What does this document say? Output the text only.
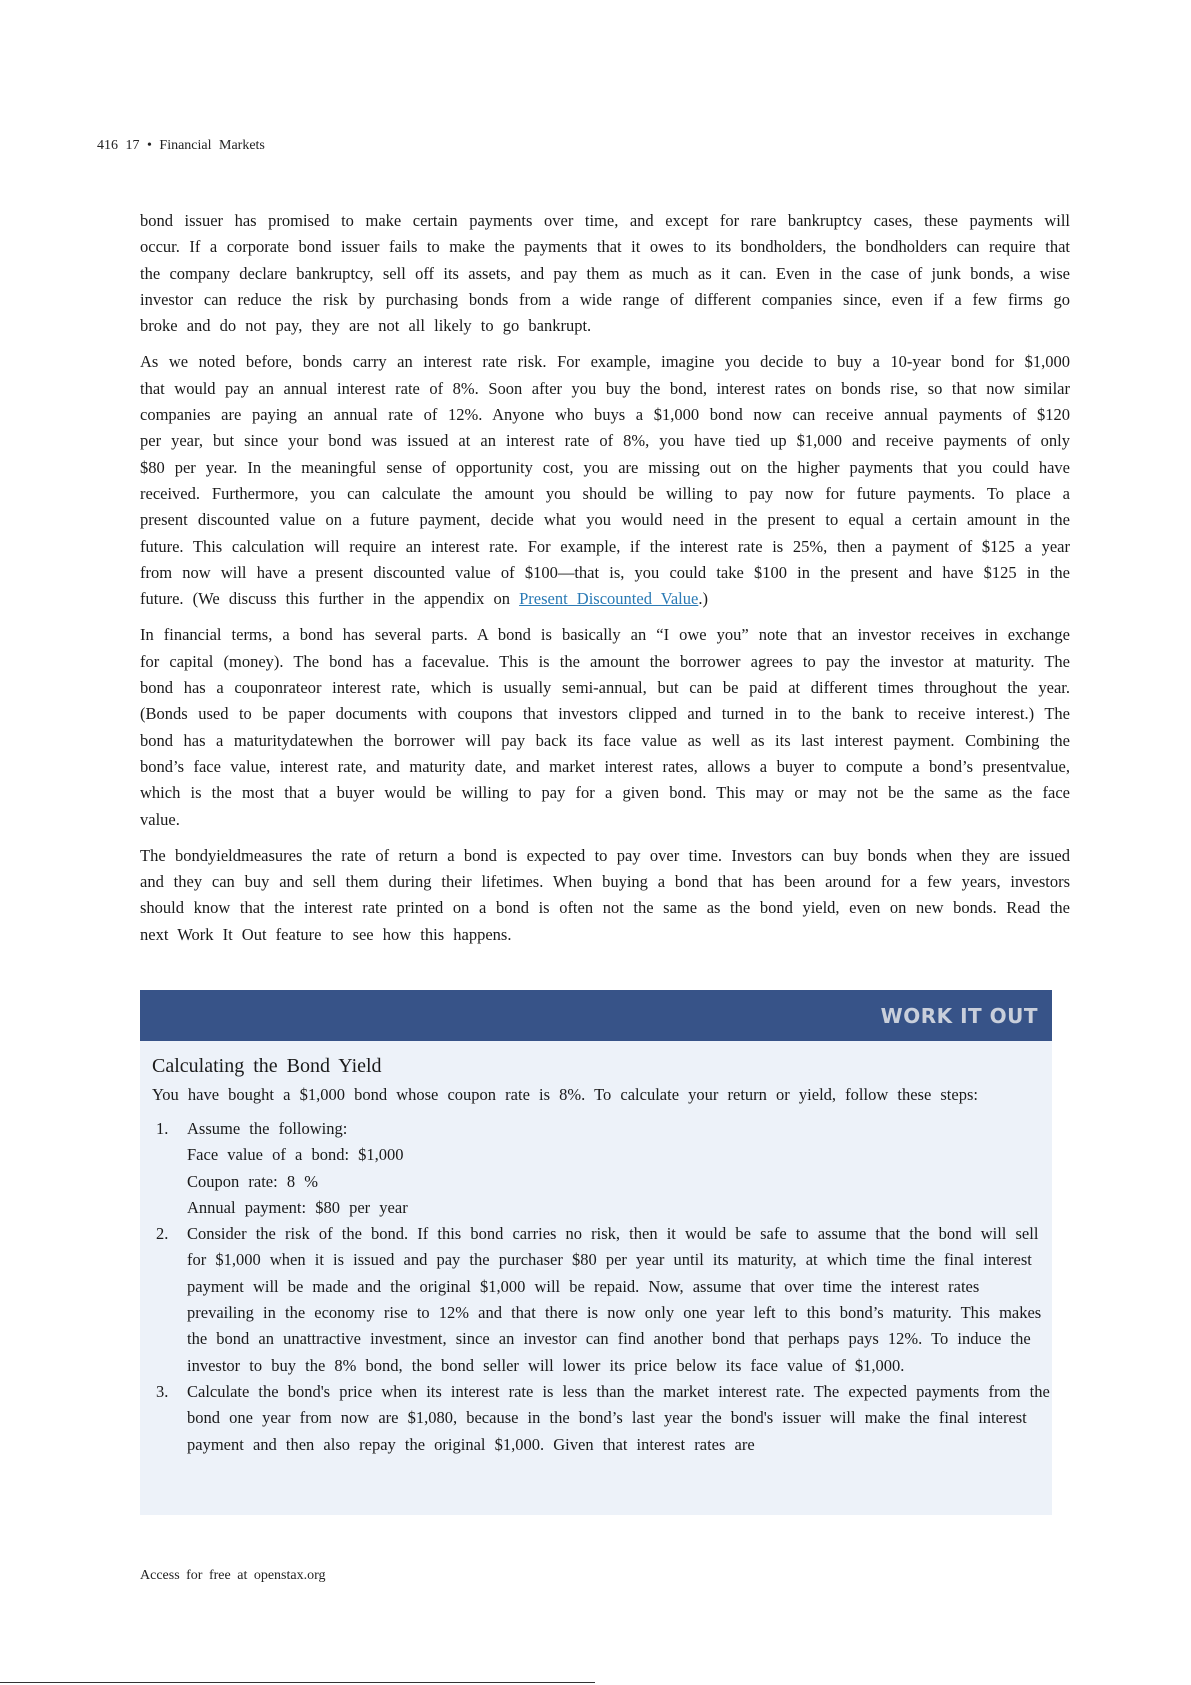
416 17 • Financial Markets

bond issuer has promised to make certain payments over time, and except for rare bankruptcy cases, these payments will occur. If a corporate bond issuer fails to make the payments that it owes to its bondholders, the bondholders can require that the company declare bankruptcy, sell off its assets, and pay them as much as it can. Even in the case of junk bonds, a wise investor can reduce the risk by purchasing bonds from a wide range of different companies since, even if a few firms go broke and do not pay, they are not all likely to go bankrupt.

As we noted before, bonds carry an interest rate risk. For example, imagine you decide to buy a 10-year bond for $1,000 that would pay an annual interest rate of 8%. Soon after you buy the bond, interest rates on bonds rise, so that now similar companies are paying an annual rate of 12%. Anyone who buys a $1,000 bond now can receive annual payments of $120 per year, but since your bond was issued at an interest rate of 8%, you have tied up $1,000 and receive payments of only $80 per year. In the meaningful sense of opportunity cost, you are missing out on the higher payments that you could have received. Furthermore, you can calculate the amount you should be willing to pay now for future payments. To place a present discounted value on a future payment, decide what you would need in the present to equal a certain amount in the future. This calculation will require an interest rate. For example, if the interest rate is 25%, then a payment of $125 a year from now will have a present discounted value of $100—that is, you could take $100 in the present and have $125 in the future. (We discuss this further in the appendix on Present Discounted Value.)

In financial terms, a bond has several parts. A bond is basically an “I owe you” note that an investor receives in exchange for capital (money). The bond has a facevalue. This is the amount the borrower agrees to pay the investor at maturity. The bond has a couponrateor interest rate, which is usually semi-annual, but can be paid at different times throughout the year. (Bonds used to be paper documents with coupons that investors clipped and turned in to the bank to receive interest.) The bond has a maturitydatewhen the borrower will pay back its face value as well as its last interest payment. Combining the bond’s face value, interest rate, and maturity date, and market interest rates, allows a buyer to compute a bond’s presentvalue, which is the most that a buyer would be willing to pay for a given bond. This may or may not be the same as the face value.

The bondyieldmeasures the rate of return a bond is expected to pay over time. Investors can buy bonds when they are issued and they can buy and sell them during their lifetimes. When buying a bond that has been around for a few years, investors should know that the interest rate printed on a bond is often not the same as the bond yield, even on new bonds. Read the next Work It Out feature to see how this happens.

WORK IT OUT
Calculating the Bond Yield

You have bought a $1,000 bond whose coupon rate is 8%. To calculate your return or yield, follow these steps:

1. Assume the following:
Face value of a bond: $1,000
Coupon rate: 8 %
Annual payment: $80 per year
2. Consider the risk of the bond. If this bond carries no risk, then it would be safe to assume that the bond will sell for $1,000 when it is issued and pay the purchaser $80 per year until its maturity, at which time the final interest payment will be made and the original $1,000 will be repaid. Now, assume that over time the interest rates prevailing in the economy rise to 12% and that there is now only one year left to this bond’s maturity. This makes the bond an unattractive investment, since an investor can find another bond that perhaps pays 12%. To induce the investor to buy the 8% bond, the bond seller will lower its price below its face value of $1,000.
3. Calculate the bond's price when its interest rate is less than the market interest rate. The expected payments from the bond one year from now are $1,080, because in the bond’s last year the bond's issuer will make the final interest payment and then also repay the original $1,000. Given that interest rates are
Access for free at openstax.org
